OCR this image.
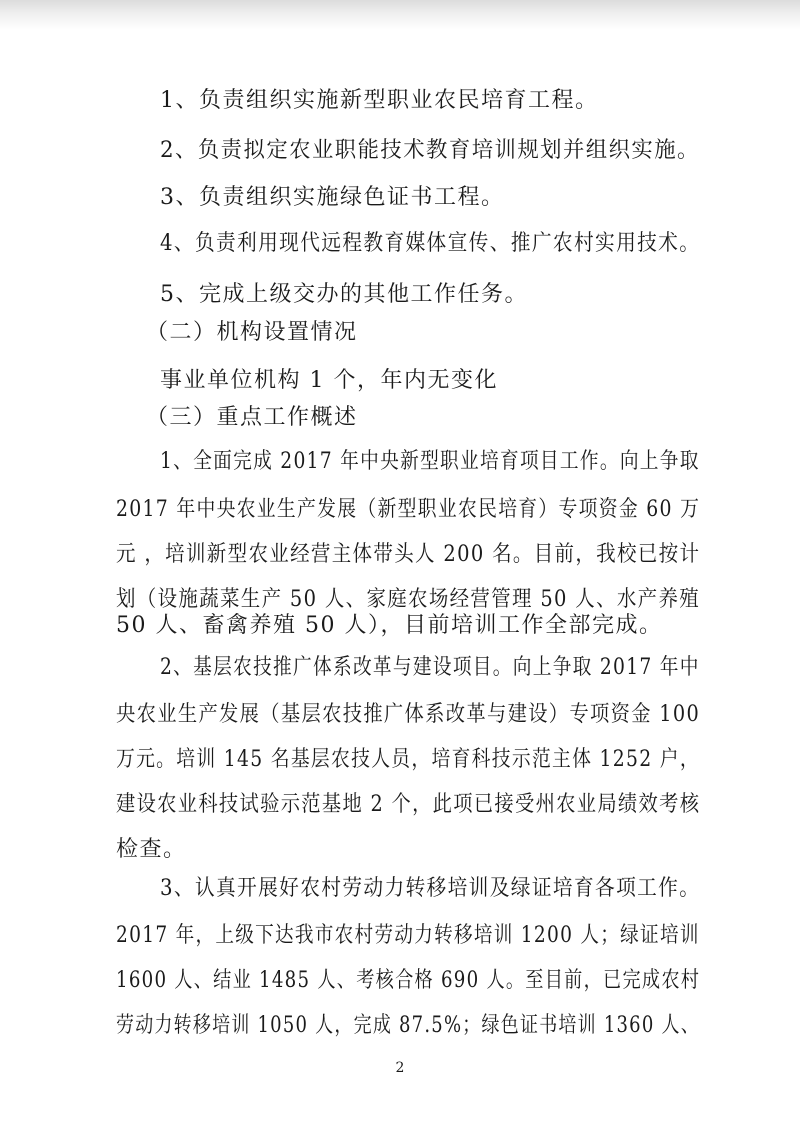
1、负责组织实施新型职业农民培育工程。
2、负责拟定农业职能技术教育培训规划并组织实施。
3、负责组织实施绿色证书工程。
4、负责利用现代远程教育媒体宣传、推广农村实用技术。
5、完成上级交办的其他工作任务。
（二）机构设置情况
事业单位机构 1 个，年内无变化
（三）重点工作概述
1、全面完成 2017 年中央新型职业培育项目工作。向上争取
2017 年中央农业生产发展（新型职业农民培育）专项资金 60 万
元 ，培训新型农业经营主体带头人 200 名。目前，我校已按计
划（设施蔬菜生产 50 人、家庭农场经营管理 50 人、水产养殖
50 人、畜禽养殖 50 人），目前培训工作全部完成。
2、基层农技推广体系改革与建设项目。向上争取 2017 年中
央农业生产发展（基层农技推广体系改革与建设）专项资金 100
万元。培训 145 名基层农技人员，培育科技示范主体 1252 户，
建设农业科技试验示范基地 2 个，此项已接受州农业局绩效考核
检查。
3、认真开展好农村劳动力转移培训及绿证培育各项工作。
2017 年，上级下达我市农村劳动力转移培训 1200 人；绿证培训
1600 人、结业 1485 人、考核合格 690 人。至目前，已完成农村
劳动力转移培训 1050 人，完成 87.5%；绿色证书培训 1360 人、
2
